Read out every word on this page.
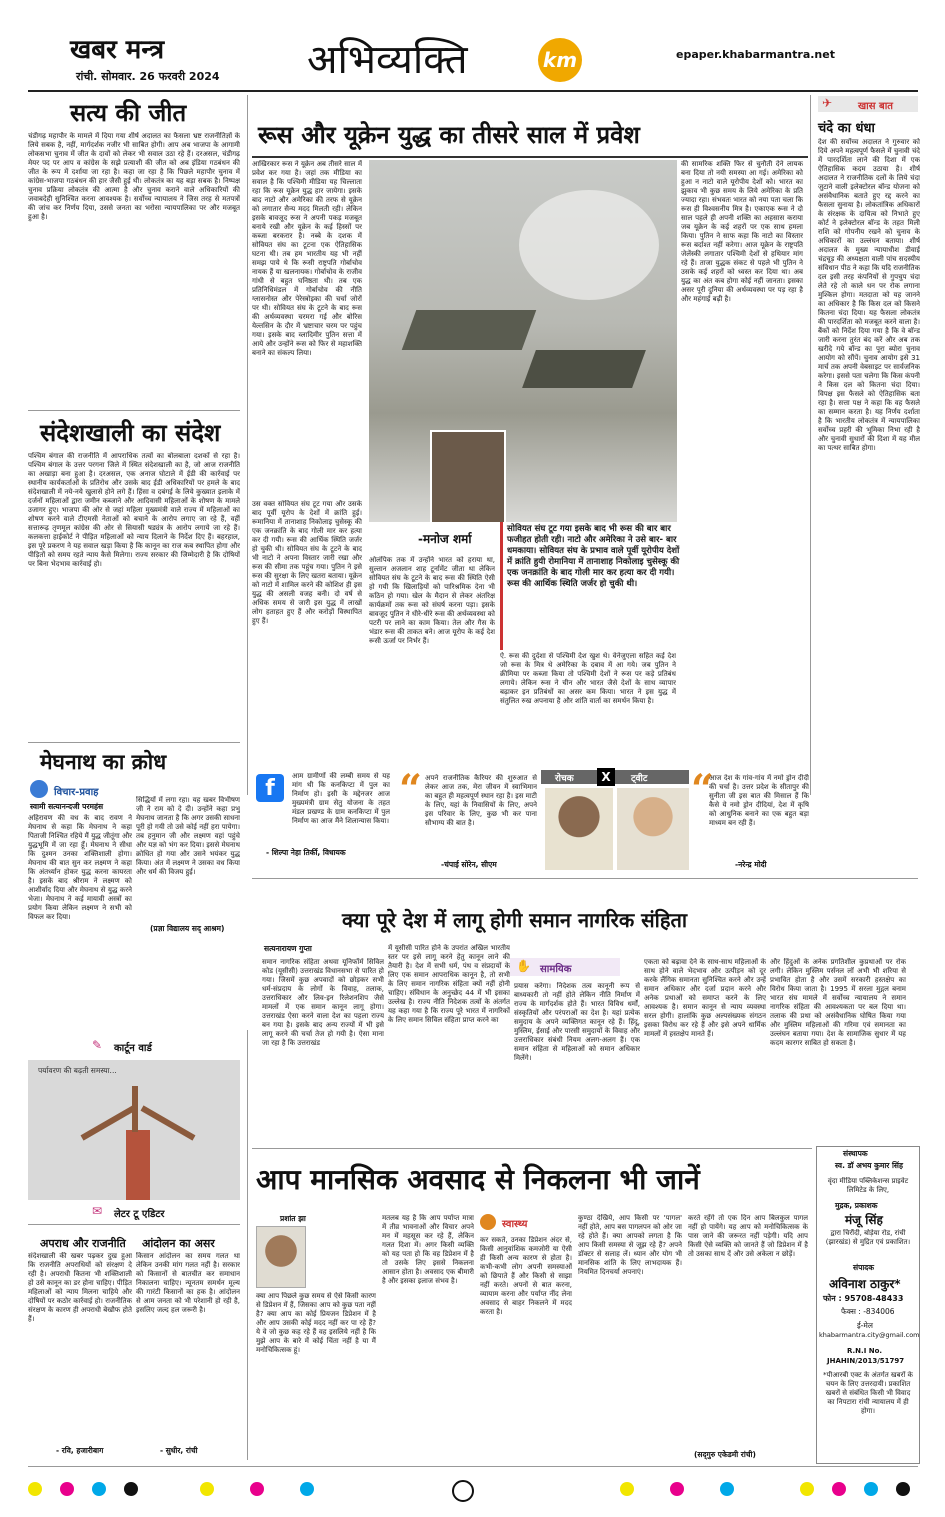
खबर मन्त्र
रांची. सोमवार. 26 फरवरी 2024 अभिव्यक्ति	km	epaper.khabarmantra.net
सत्य की जीत
चंडीगढ़ महापौर के मामले में दिया गया शीर्ष अदालत का फैसला भ्रष्ट राजनीतिज्ञों के लिये सबक है, नहीं, मार्गदर्शक नजीर भी साबित होगी। आप अब भाजपा के आगामी लोकसभा चुनाव में जीत के दावों को लेकर भी सवाल उठा रहे हैं। दरअसल, चंडीगढ़ मेयर पद पर आप व कांग्रेस के सझे प्रत्याशी की जीत को अब इंडिया गठबंधन की जीत के रूप में दर्शाया जा रहा है। कहा जा रहा है कि पिछले महापौर चुनाव में कांग्रेस-भाजपा गठबंधन की हार जैसी हुई थी। लोकतंत्र का यह बड़ा सबक है। निष्पक्ष चुनाव प्रक्रिया लोकतंत्र की आत्मा है और चुनाव कराने वाले अधिकारियों की जवाबदेही सुनिश्चित करना आवश्यक है। सर्वोच्च न्यायालय ने जिस तरह से मतपत्रों की जांच कर निर्णय दिया, उससे जनता का भरोसा न्यायपालिका पर और मजबूत हुआ है।
संदेशखाली का संदेश
पश्चिम बंगाल की राजनीति में आपराधिक तत्वों का बोलबाला दशकों से रहा है। पश्चिम बंगाल के उत्तर परगना जिले में स्थित संदेशखाली का है, जो आज राजनीति का अखाड़ा बना हुआ है। दरअसल, एक अनाज घोटाले में ईडी की कार्रवाई पर स्थानीय कार्यकर्ताओं के प्रतिरोध और उसके बाद ईडी अधिकारियों पर हमले के बाद संदेशखाली में नये-नये खुलासे होने लगे हैं। हिंसा व दबंगई के लिये कुख्यात इलाके में दर्जनों महिलाओं द्वारा जमीन कब्जाने और आदिवासी महिलाओं के शोषण के मामले उजागर हुए। भाजपा की ओर से जहां महिला मुख्यमंत्री वाले राज्य में महिलाओं का शोषण करने वाले टीएमसी नेताओं को बचाने के आरोप लगाए जा रहे हैं, वहीं सत्तारूढ़ तृणमूल कांग्रेस की ओर से सियासी षड्यंत्र के आरोप लगाये जा रहे हैं। कलकत्ता हाईकोर्ट ने पीड़ित महिलाओं को न्याय दिलाने के निर्देश दिए हैं। बहरहाल, इस पूरे प्रकरण ने यह सवाल खड़ा किया है कि कानून का राज कब स्थापित होगा और पीड़ितों को समय रहते न्याय कैसे मिलेगा। राज्य सरकार की जिम्मेदारी है कि दोषियों पर बिना भेदभाव कार्रवाई हो।
रूस और यूक्रेन युद्ध का तीसरे साल में प्रवेश
आखिरकार रूस ने यूक्रेन अब तीसरे साल में प्रवेश कर गया है। जहां तक मीडिया का सवाल है कि पश्चिमी मीडिया यह चिल्लाता रहा कि रूस यूक्रेन युद्ध हार जायेगा। इसके बाद नाटो और अमेरिका की तरफ से यूक्रेन को लगातार सैन्य मदद मिलती रही। लेकिन इसके बावजूद रूस ने अपनी पकड़ मजबूत बनाये रखी और यूक्रेन के कई हिस्सों पर कब्जा बरकरार है। नब्बे के दशक में सोवियत संघ का टूटना एक ऐतिहासिक घटना थी। तब हम भारतीय यह भी नहीं समझ पाये थे कि रूसी राष्ट्रपति गोर्बाचोव नायक हैं या खलनायक। गोर्बाचोव के राजीव गांधी से बहुत घनिष्ठता थी। तब एक प्रतिनिधिमंडल में गोर्बाचोव की नीति ग्लासनोस्त और पेरेस्त्रोइका की चर्चा जोरों पर थी। सोवियत संघ के टूटने के बाद रूस की अर्थव्यवस्था चरमरा गई और बोरिस येल्तसिन के दौर में भ्रष्टाचार चरम पर पहुंच गया। इसके बाद व्लादिमीर पुतिन सत्ता में आये और उन्होंने रूस को फिर से महाशक्ति बनाने का संकल्प लिया।
उस वक्त सोवियत संघ टूट गया और उसके बाद पूर्वी यूरोप के देशों में क्रांति हुई। रूमानिया में तानाशाह निकोलाइ चुसेस्कू की एक जनक्रांति के बाद गोली मार कर हत्या कर दी गयी। रूस की आर्थिक स्थिति जर्जर हो चुकी थी। सोवियत संघ के टूटने के बाद भी नाटो ने अपना विस्तार जारी रखा और रूस की सीमा तक पहुंच गया। पुतिन ने इसे रूस की सुरक्षा के लिए खतरा बताया। यूक्रेन को नाटो में शामिल करने की कोशिश ही इस युद्ध की असली वजह बनी। दो वर्ष से अधिक समय से जारी इस युद्ध में लाखों लोग हताहत हुए हैं और करोड़ों विस्थापित हुए हैं।
सोवियत संघ टूट गया इसके बाद भी रूस की बार बार फजीहत होती रही। नाटो और अमेरिका ने उसे बार- बार धमकाया। सोवियत संघ के प्रभाव वाले पूर्वी यूरोपीय देशों में क्रांति हुयी रोमानिया में तानाशाह निकोलाइ चुसेस्कू की एक जनक्रांति के बाद गोली मार कर हत्या कर दी गयी। रूस की आर्थिक स्थिति जर्जर हो चुकी थी।
-मनोज शर्मा
ओलंपिक तक में उन्होंने भारत को हराया था, सुल्तान अजलान शाह टूर्नामेंट जीता था लेकिन सोवियत संघ के टूटने के बाद रूस की स्थिति ऐसी हो गयी कि खिलाड़ियों को पारिश्रमिक देना भी कठिन हो गया। खेल के मैदान से लेकर अंतरिक्ष कार्यक्रमों तक रूस को संघर्ष करना पड़ा। इसके बावजूद पुतिन ने धीरे-धीरे रूस की अर्थव्यवस्था को पटरी पर लाने का काम किया। तेल और गैस के भंडार रूस की ताकत बने। आज यूरोप के कई देश रूसी ऊर्जा पर निर्भर हैं।
ऐ. रूस की दुर्दशा से पश्चिमी देश खुश थे। वेनेजुएला सहित कई देश जो रूस के मित्र थे अमेरिका के दबाव में आ गये। जब पुतिन ने क्रीमिया पर कब्जा किया तो पश्चिमी देशों ने रूस पर कड़े प्रतिबंध लगाये। लेकिन रूस ने चीन और भारत जैसे देशों के साथ व्यापार बढ़ाकर इन प्रतिबंधों का असर कम किया। भारत ने इस युद्ध में संतुलित रुख अपनाया है और शांति वार्ता का समर्थन किया है।
की सामरिक शक्ति फिर से चुनौती देने लायक बना दिया तो नयी समस्या आ गई। अमेरिका को हुआ न नाटो वाले यूरोपीय देशों को। भारत का झुकाव भी कुछ समय के लिये अमेरिका के प्रति ज्यादा रहा। संभवतः भारत को नया पता चला कि रूस ही विश्वसनीय मित्र है। एकाएक रूस ने दो साल पहले ही अपनी शक्ति का अहसास कराया जब यूक्रेन के कई शहरों पर एक साथ हमला किया। पुतिन ने साफ कहा कि नाटो का विस्तार रूस बर्दाश्त नहीं करेगा। आज यूक्रेन के राष्ट्रपति जेलेंस्की लगातार पश्चिमी देशों से हथियार मांग रहे हैं। ताजा युद्धक संकट से पहले भी पुतिन ने उसके कई शहरों को ध्वस्त कर दिया था। अब युद्ध का अंत कब होगा कोई नहीं जानता। इसका असर पूरी दुनिया की अर्थव्यवस्था पर पड़ रहा है और महंगाई बढ़ी है।
✈	खास बात
चंदे का धंधा
देश की सर्वोच्च अदालत ने गुरुवार को दिये अपने महत्वपूर्ण फैसले में चुनावी चंदे में पारदर्शिता लाने की दिशा में एक ऐतिहासिक कदम उठाया है। शीर्ष अदालत ने राजनीतिक दलों के लिये चंदा जुटाने वाली इलेक्टोरल बॉन्ड योजना को असंवैधानिक बताते हुए रद्द करने का फैसला सुनाया है। लोकतांत्रिक अधिकारों के संरक्षक के दायित्व को निभाते हुए कोर्ट ने इलेक्टोरल बॉन्ड के तहत मिली राशि को गोपनीय रखने को चुनाव के अधिकारों का उल्लंघन बताया। शीर्ष अदालत के मुख्य न्यायाधीश डीवाई चंद्रचूड़ की अध्यक्षता वाली पांच सदस्यीय संविधान पीठ ने कहा कि यदि राजनीतिक दल इसी तरह कंपनियों से गुपचुप चंदा लेते रहे तो काले धन पर रोक लगाना मुश्किल होगा। मतदाता को यह जानने का अधिकार है कि किस दल को किसने कितना चंदा दिया। यह फैसला लोकतंत्र की पारदर्शिता को मजबूत करने वाला है। बैंकों को निर्देश दिया गया है कि वे बॉन्ड जारी करना तुरंत बंद करें और अब तक खरीदे गये बॉन्ड का पूरा ब्योरा चुनाव आयोग को सौंपें। चुनाव आयोग इसे 31 मार्च तक अपनी वेबसाइट पर सार्वजनिक करेगा। इससे पता चलेगा कि किस कंपनी ने किस दल को कितना चंदा दिया। विपक्ष इस फैसले को ऐतिहासिक बता रहा है। सत्ता पक्ष ने कहा कि वह फैसले का सम्मान करता है। यह निर्णय दर्शाता है कि भारतीय लोकतंत्र में न्यायपालिका सर्वोच्च प्रहरी की भूमिका निभा रही है और चुनावी सुधारों की दिशा में यह मील का पत्थर साबित होगा।
मेघनाथ का क्रोध
विचार-प्रवाह
स्वामी सत्यानन्दजी परमहंस
अहिरावण की वध के बाद रावण ने मेघनाथ से कहा कि मेघनाथ ने कहा पिताजी निश्चित रहिये मैं युद्ध जीतूंगा और युद्धभूमि में जा रहा हूँ। मेघनाथ ने सीधा कि दुश्मन उनका शक्तिशाली होगा। मेघनाथ की बात सुन कर लक्ष्मण ने कहा कि अंतर्ध्यान होकर युद्ध करना कायरता है। इसके बाद श्रीराम ने लक्ष्मण को आशीर्वाद दिया और मेघनाथ से युद्ध करने भेजा। मेघनाथ ने कई मायावी अस्त्रों का प्रयोग किया लेकिन लक्ष्मण ने सभी को विफल कर दिया।
सिद्धियों में लगा रहा। यह खबर विभीषण जी ने राम को दे दी। उन्होंने कहा प्रभु मेघनाथ जानता है कि अगर उसकी साधना पूरी हो गयी तो उसे कोई नहीं हरा पायेगा। तब हनुमान जी और लक्ष्मण वहां पहुंचे और यज्ञ को भंग कर दिया। इससे मेघनाथ क्रोधित हो गया और उसने भयंकर युद्ध किया। अंत में लक्ष्मण ने उसका वध किया और धर्म की विजय हुई।
(प्रज्ञा विद्यालय सद्‌ आश्रम)
f	आम ग्रामीणों की लम्बी समय से यह मांग थी कि कनकिप्टा में पुल का निर्माण हो। इसी के मद्देनजर आज मुख्यमंत्री ग्राम सेतु योजना के तहत मंडल प्रखण्ड के ग्राम कनकिप्टा में पुल निर्माण का आज मैंने शिलान्यास किया।
- शिल्पा नेहा तिर्की, विधायक
“ अपने राजनीतिक कैरियर की शुरुआत से लेकर आज तक, मेरा जीवन में स्वाभिमान का बहुत ही महत्वपूर्ण स्थान रहा है। इस माटी के लिए, यहां के निवासियों के लिए, अपने इस परिवार के लिए, कुछ भी कर पाना सौभाग्य की बात है।
-चंपाई सोरेन, सीएम
रोचक	X	ट्वीट “
आज देश के गांव-गांव में नमो ड्रोन दीदी की चर्चा है। उत्तर प्रदेश के सीतापुर की सुनीता जी इस बात की मिसाल हैं कि कैसे ये नमो ड्रोन दीदियां, देश में कृषि को आधुनिक बनाने का एक बहुत बड़ा माध्यम बन रही हैं।
-नरेन्द्र मोदी
क्या पूरे देश में लागू होगी समान नागरिक संहिता
सत्यनारायण गुप्ता
समान नागरिक संहिता अथवा यूनिफॉर्म सिविल कोड (यूसीसी) उत्तराखंड विधानसभा से पारित हो गया। जिसमें कुछ अपवादों को छोड़कर सभी धर्म-संप्रदाय के लोगों के विवाह, तलाक, उत्तराधिकार और लिव-इन रिलेशनशिप जैसे मामलों में एक समान कानून लागू होगा। उत्तराखंड ऐसा करने वाला देश का पहला राज्य बन गया है। इसके बाद अन्य राज्यों में भी इसे लागू करने की चर्चा तेज हो गयी है। ऐसा माना जा रहा है कि उत्तराखंड
में यूसीसी पारित होने के उपरांत अखिल भारतीय स्तर पर इसे लागू करने हेतु कानून लाने की तैयारी है। देश में सभी धर्म, पंथ व संप्रदायों के लिए एक समान आपराधिक कानून है, तो सभी के लिए समान नागरिक संहिता क्यों नहीं होनी चाहिए। संविधान के अनुच्छेद 44 में भी इसका उल्लेख है। राज्य नीति निदेशक तत्वों के अंतर्गत यह कहा गया है कि राज्य पूरे भारत में नागरिकों के लिए समान सिविल संहिता प्राप्त करने का
✋ सामयिक
प्रयास करेगा। निदेशक तत्व कानूनी रूप से बाध्यकारी तो नहीं होते लेकिन नीति निर्माण में राज्य के मार्गदर्शक होते हैं। भारत विविध धर्मों, संस्कृतियों और परंपराओं का देश है। यहां प्रत्येक समुदाय के अपने व्यक्तिगत कानून रहे हैं। हिंदू, मुस्लिम, ईसाई और पारसी समुदायों के विवाह और उत्तराधिकार संबंधी नियम अलग-अलग हैं। एक समान संहिता से महिलाओं को समान अधिकार मिलेंगे।
एकता को बढ़ावा देने के साथ-साथ महिलाओं के साथ होने वाले भेदभाव और उत्पीड़न को दूर करके लैंगिक समानता सुनिश्चित करने और उन्हें समान अधिकार और दर्जा प्रदान करने और अनेक प्रथाओं को समाप्त करने के लिए आवश्यक है। समान कानून से न्याय व्यवस्था सरल होगी। हालांकि कुछ अल्पसंख्यक संगठन इसका विरोध कर रहे हैं और इसे अपने धार्मिक मामलों में हस्तक्षेप मानते हैं।
और हिंदुओं के अनेक प्रगतिशील कुप्रथाओं पर रोक लगी। लेकिन मुस्लिम पर्सनल लॉ अभी भी शरिया से प्रभावित होता है और उसमें सरकारी हस्तक्षेप का विरोध किया जाता है। 1995 में सरला मुद्गल बनाम भारत संघ मामले में सर्वोच्च न्यायालय ने समान नागरिक संहिता की आवश्यकता पर बल दिया था। तलाक की प्रथा को असंवैधानिक घोषित किया गया और मुस्लिम महिलाओं की गरिमा एवं समानता का उल्लंघन बताया गया। देश के सामाजिक सुधार में यह कदम कारगर साबित हो सकता है।
✎ कार्टून वार्ड
पर्यावरण की बढ़ती समस्या...
✉ लेटर टू एडिटर
अपराध और राजनीति
संदेशखाली की खबर पढ़कर दुख हुआ कि राजनीति अपराधियों को संरक्षण दे रही है। अपराधी कितना भी शक्तिशाली हो उसे कानून का डर होना चाहिए। पीड़ित महिलाओं को न्याय मिलना चाहिये और दोषियों पर कठोर कार्रवाई हो। राजनीतिक संरक्षण के कारण ही अपराधी बेखौफ होते हैं।
- रवि, हजारीबाग
आंदोलन का असर
किसान आंदोलन का समय गलत था लेकिन उनकी मांग गलत नहीं है। सरकार को किसानों से बातचीत कर समाधान निकालना चाहिए। न्यूनतम समर्थन मूल्य की गारंटी किसानों का हक है। आंदोलन से आम जनता को भी परेशानी हो रही है, इसलिए जल्द हल जरूरी है।
- सुधीर, रांची
आप मानसिक अवसाद से निकलना भी जानें
प्रशांत झा
क्या आप पिछले कुछ समय से ऐसे किसी कारण से डिप्रेशन में हैं, जिसका आप को कुछ पता नहीं है? क्या आप का कोई प्रियजन डिप्रेशन में है और आप उसकी कोई मदद नहीं कर पा रहे हैं? ये वे जो कुछ कह रहे हैं वह इसलिये नहीं है कि मुझे आप के बारे में कोई चिंता नहीं है या मैं मनोचिकित्सक हूं।
मतलब यह है कि आप पर्याप्त मात्रा में तीव्र भावनाओं और विचार अपने मन में महसूस कर रहे हैं, लेकिन गलत दिशा में। अगर किसी व्यक्ति को यह पता हो कि वह डिप्रेशन में है तो उसके लिए इससे निकलना आसान होता है। अवसाद एक बीमारी है और इसका इलाज संभव है।
स्वास्थ्य
कर सकते, उनका डिप्रेशन अंदर से, किसी आनुवांशिक कमजोरी या ऐसी ही किसी अन्य कारण से होता है। कभी-कभी लोग अपनी समस्याओं को छिपाते हैं और किसी से साझा नहीं करते। अपनों से बात करना, व्यायाम करना और पर्याप्त नींद लेना अवसाद से बाहर निकलने में मदद करता है।
कुण्ठा देखिये, आप किसी पर 'पागल' नहीं होते, आप बस पागलपन को ओर जा रहे होते हैं। क्या आपको लगता है कि आप किसी समस्या से जूझ रहे हैं? अपने डॉक्टर से सलाह लें। ध्यान और योग भी मानसिक शांति के लिए लाभदायक हैं। नियमित दिनचर्या अपनाएं।
करते रहेंगे तो एक दिन आप बिलकुल पागल नहीं हो पायेंगे। यह आप को मनोचिकित्सक के पास जाने की जरूरत नहीं पड़ेगी। यदि आप किसी ऐसे व्यक्ति को जानते हैं जो डिप्रेशन में है तो उसका साथ दें और उसे अकेला न छोड़ें।
(सद्‌गुरु एकेडमी रांची)
संस्थापक
स्व. डॉ अभय कुमार सिंह
वृंदा मीडिया पब्लिकेशन्स प्राइवेट लिमिटेड के लिए,
मुद्रक, प्रकाशक
मंजू सिंह
द्वारा चिरौंदी, बोड़ेया रोड, रांची (झारखंड) से मुद्रित एवं प्रकाशित।
संपादक
अविनाश ठाकुर*
फोन : 95708-48433
फैक्स : -834006
ई-मेल
khabarmantra.city@gmail.com
R.N.I No.
JHAHIN/2013/51797
*पीआरबी एक्ट के अंतर्गत खबरों के चयन के लिए उत्तरदायी। प्रकाशित खबरों से संबंधित किसी भी विवाद का निपटारा रांची न्यायालय में ही होगा।
